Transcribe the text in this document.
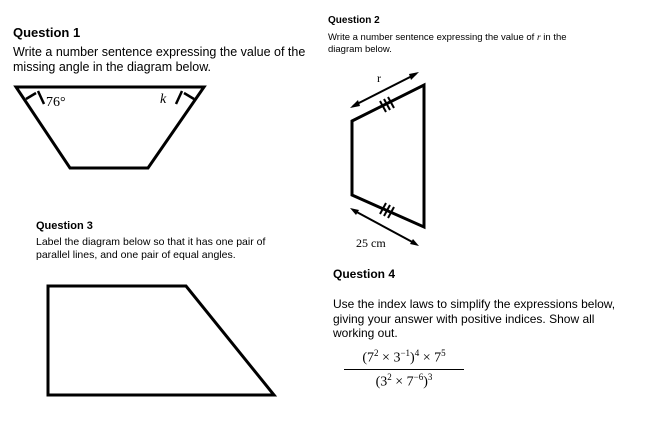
Question 1
Write a number sentence expressing the value of the missing angle in the diagram below.
Question 2
Write a number sentence expressing the value of r in the diagram below.
Question 3
Label the diagram below so that it has one pair of parallel lines, and one pair of equal angles.
Question 4
Use the index laws to simplify the expressions below, giving your answer with positive indices. Show all working out.
$(7^2 \times 3^{-1})^4 \times 7^5$
$(3^2 \times 7^{-6})^3$
76°	k
r
25 cm
